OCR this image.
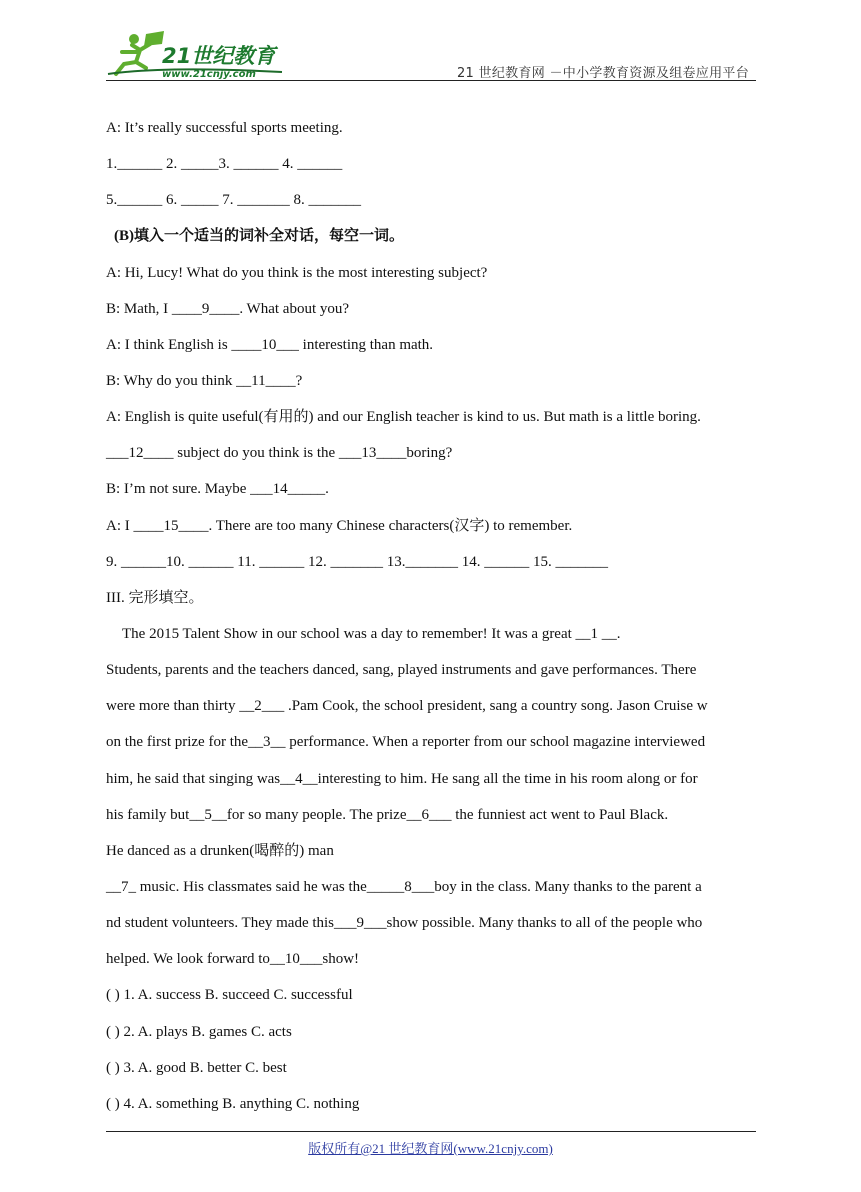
21世纪教育
www.21cnjy.com	21 世纪教育网 －中小学教育资源及组卷应用平台
A: It’s really successful sports meeting.
1.______ 2. _____3. ______ 4. ______
5.______ 6. _____ 7. _______ 8. _______
(B)填入一个适当的词补全对话，每空一词。
A: Hi, Lucy! What do you think is the most interesting subject?
B: Math, I ____9____. What about you?
A: I think English is ____10___ interesting than math.
B: Why do you think __11____?
A: English is quite useful(有用的) and our English teacher is kind to us. But math is a little boring.
___12____ subject do you think is the ___13____boring?
B: I’m not sure. Maybe ___14_____.
A: I ____15____. There are too many Chinese characters(汉字) to remember.
9. ______10. ______ 11. ______ 12. _______ 13._______ 14. ______ 15. _______
III. 完形填空。
The 2015 Talent Show in our school was a day to remember! It was a great __1 __.
Students, parents and the teachers danced, sang, played instruments and gave performances. There
were more than thirty __2___ .Pam Cook, the school president, sang a country song. Jason Cruise w
on the first prize for the__3__ performance. When a reporter from our school magazine interviewed
him, he said that singing was__4__interesting to him. He sang all the time in his room along or for
his family but__5__for so many people. The prize__6___ the funniest act went to Paul Black.
He danced as a drunken(喝醉的) man
__7_ music. His classmates said he was the_____8___boy in the class. Many thanks to the parent a
nd student volunteers. They made this___9___show possible. Many thanks to all of the people who
helped. We look forward to__10___show!
( ) 1. A. success B. succeed C. successful
( ) 2. A. plays B. games C. acts
( ) 3. A. good B. better C. best
( ) 4. A. something B. anything C. nothing
版权所有@21 世纪教育网(www.21cnjy.com)
